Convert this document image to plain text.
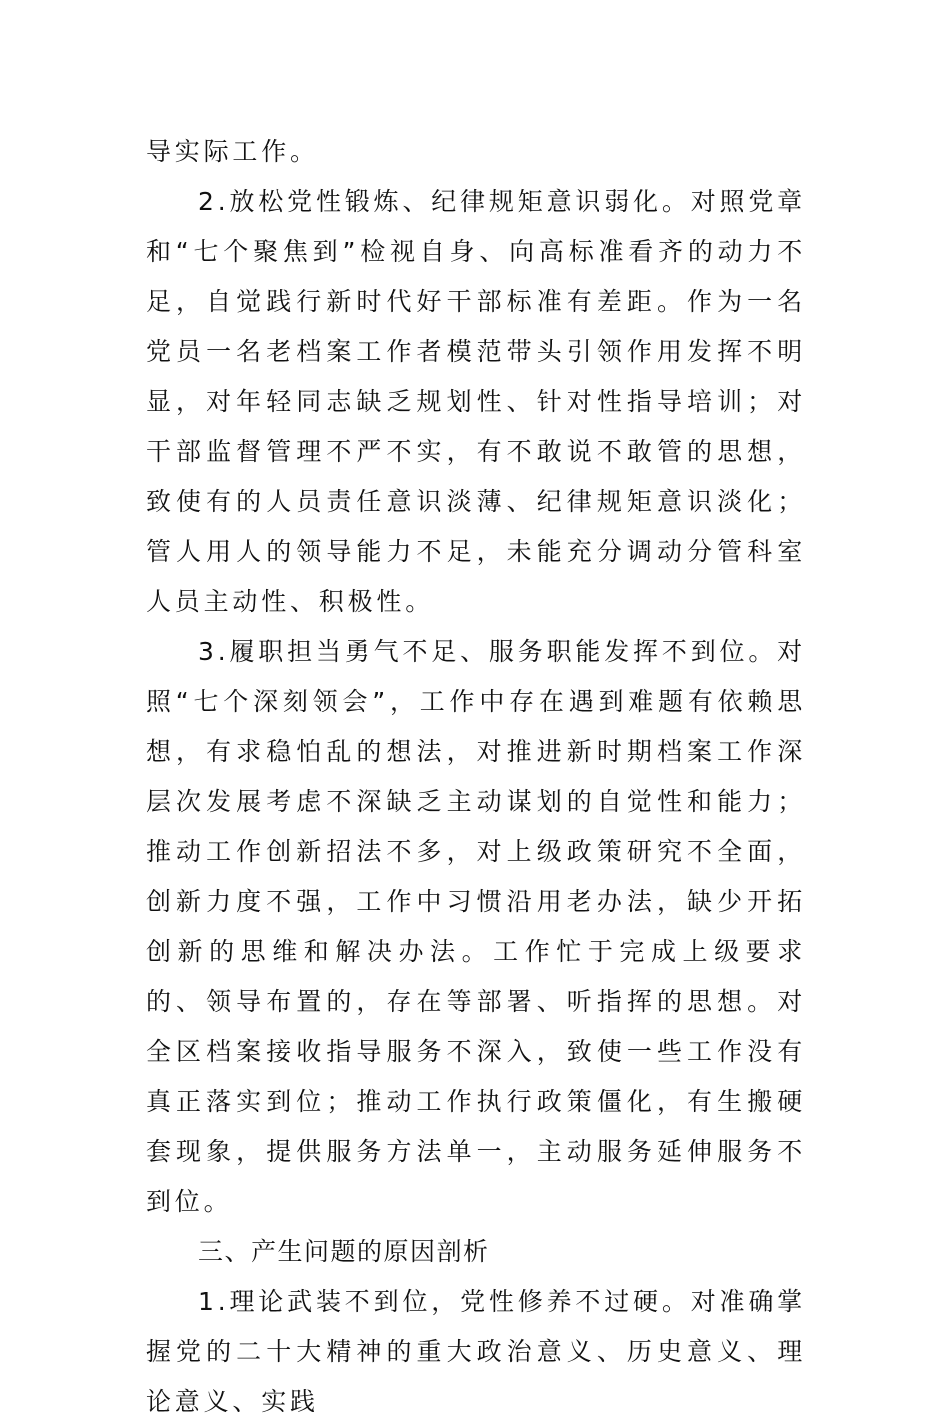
导实际工作。

2.放松党性锻炼、纪律规矩意识弱化。对照党章和“七个聚焦到”检视自身、向高标准看齐的动力不足，自觉践行新时代好干部标准有差距。作为一名党员一名老档案工作者模范带头引领作用发挥不明显，对年轻同志缺乏规划性、针对性指导培训；对干部监督管理不严不实，有不敢说不敢管的思想，致使有的人员责任意识淡薄、纪律规矩意识淡化；管人用人的领导能力不足，未能充分调动分管科室人员主动性、积极性。

3.履职担当勇气不足、服务职能发挥不到位。对照“七个深刻领会”，工作中存在遇到难题有依赖思想，有求稳怕乱的想法，对推进新时期档案工作深层次发展考虑不深缺乏主动谋划的自觉性和能力；推动工作创新招法不多，对上级政策研究不全面，创新力度不强，工作中习惯沿用老办法，缺少开拓创新的思维和解决办法。工作忙于完成上级要求的、领导布置的，存在等部署、听指挥的思想。对全区档案接收指导服务不深入，致使一些工作没有真正落实到位；推动工作执行政策僵化，有生搬硬套现象，提供服务方法单一，主动服务延伸服务不到位。

三、产生问题的原因剖析

1.理论武装不到位，党性修养不过硬。对准确掌握党的二十大精神的重大政治意义、历史意义、理论意义、实践
